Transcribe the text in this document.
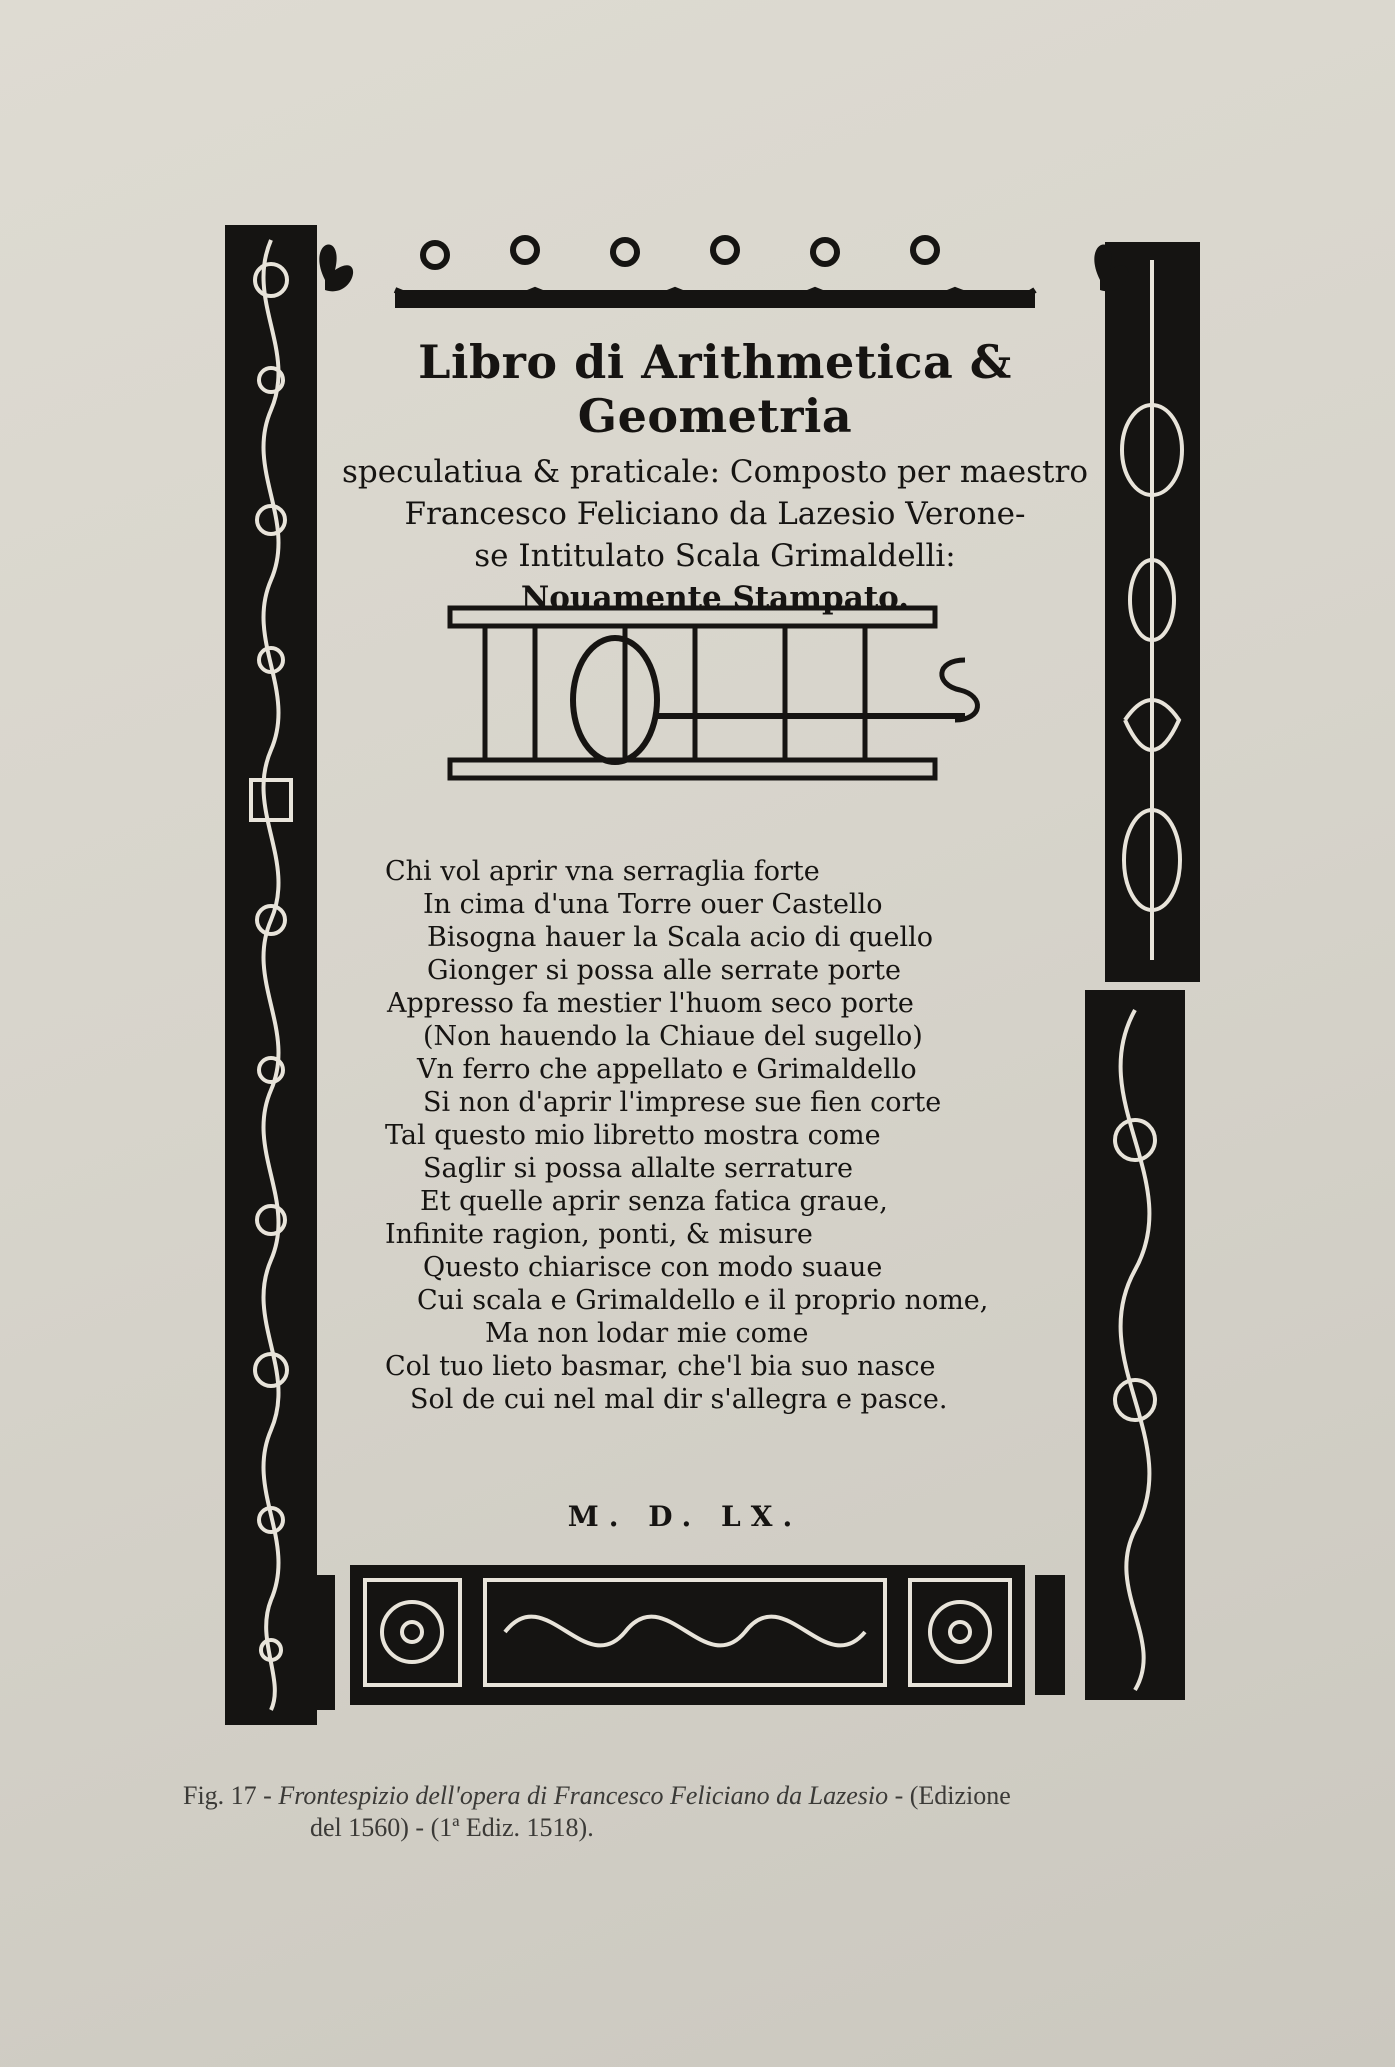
Libro di Arithmetica & Geometria
speculatiua & praticale: Composto per maestro
Francesco Feliciano da Lazesio Verone-
se Intitulato Scala Grimaldelli:
Nouamente Stampato.
Chi vol aprir vna serraglia forte
In cima d'una Torre ouer Castello
Bisogna hauer la Scala acio di quello
Gionger si possa alle serrate porte
Appresso fa mestier l'huom seco porte
(Non hauendo la Chiaue del sugello)
Vn ferro che appellato e Grimaldello
Si non d'aprir l'imprese sue fien corte
Tal questo mio libretto mostra come
Saglir si possa allalte serrature
Et quelle aprir senza fatica graue,
Infinite ragion, ponti, & misure
Questo chiarisce con modo suaue
Cui scala e Grimaldello e il proprio nome,
Ma non lodar mie come
Col tuo lieto basmar, che'l bia suo nasce
Sol de cui nel mal dir s'allegra e pasce.
M. D. LX.
Fig. 17 - Frontespizio dell'opera di Francesco Feliciano da Lazesio - (Edizione
del 1560) - (1ª Ediz. 1518).
